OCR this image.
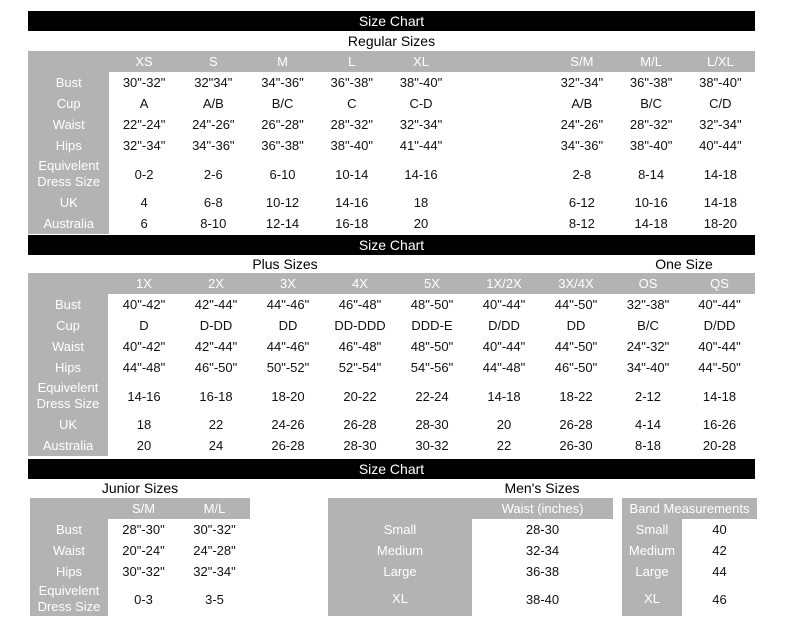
Size Chart
Regular Sizes
	XS	S	M	L	XL		S/M	M/L	L/XL
Bust	30"-32"	32"34"	34"-36"	36"-38"	38"-40"		32"-34"	36"-38"	38"-40"
Cup	A	A/B	B/C	C	C-D		A/B	B/C	C/D
Waist	22"-24"	24"-26"	26"-28"	28"-32"	32"-34"		24"-26"	28"-32"	32"-34"
Hips	32"-34"	34"-36"	36"-38"	38"-40"	41"-44"		34"-36"	38"-40"	40"-44"
Equivelent Dress Size	0-2	2-6	6-10	10-14	14-16		2-8	8-14	14-18
UK	4	6-8	10-12	14-16	18		6-12	10-16	14-18
Australia	6	8-10	12-14	16-18	20		8-12	14-18	18-20
Size Chart
Plus Sizes	One Size
	1X	2X	3X	4X	5X	1X/2X	3X/4X	OS	QS
Bust	40"-42"	42"-44"	44"-46"	46"-48"	48"-50"	40"-44"	44"-50"	32"-38"	40"-44"
Cup	D	D-DD	DD	DD-DDD	DDD-E	D/DD	DD	B/C	D/DD
Waist	40"-42"	42"-44"	44"-46"	46"-48"	48"-50"	40"-44"	44"-50"	24"-32"	40"-44"
Hips	44"-48"	46"-50"	50"-52"	52"-54"	54"-56"	44"-48"	46"-50"	34"-40"	44"-50"
Equivelent Dress Size	14-16	16-18	18-20	20-22	22-24	14-18	18-22	2-12	14-18
UK	18	22	24-26	26-28	28-30	20	26-28	4-14	16-26
Australia	20	24	26-28	28-30	30-32	22	26-30	8-18	20-28
Size Chart
Junior Sizes	Men's Sizes
	S/M	M/L
Bust	28"-30"	30"-32"
Waist	20"-24"	24"-28"
Hips	30"-32"	32"-34"
Equivelent Dress Size	0-3	3-5
	Waist (inches)
Small	28-30
Medium	32-34
Large	36-38
XL	38-40
Band Measurements	
Small	40
Medium	42
Large	44
XL	46
